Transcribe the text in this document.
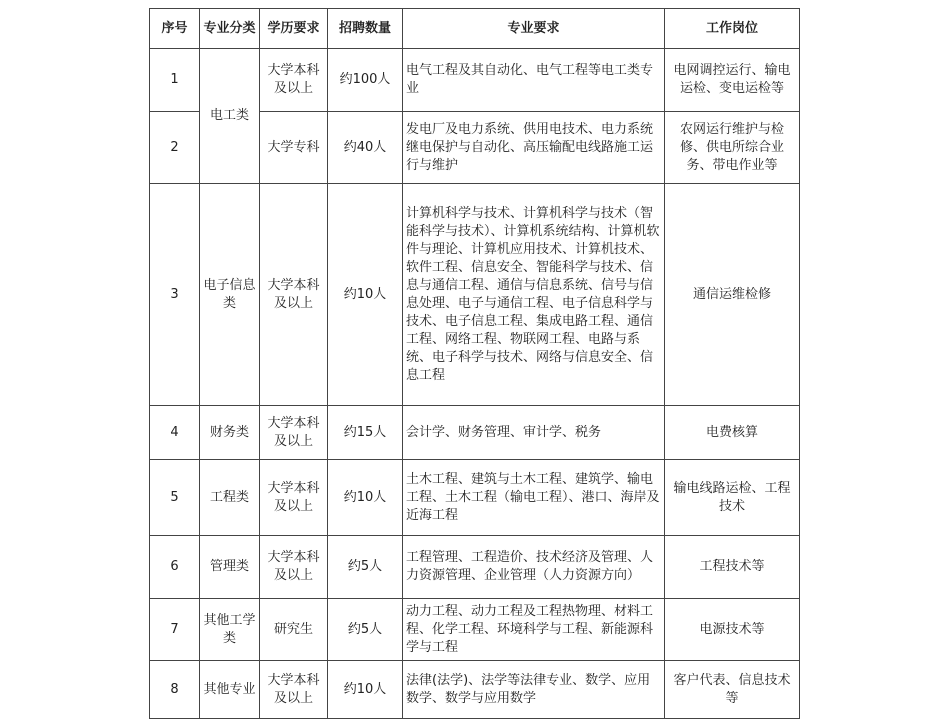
序号	专业分类	学历要求	招聘数量	专业要求	工作岗位
1	电工类	大学本科及以上	约100人	电气工程及其自动化、电气工程等电工类专业	电网调控运行、输电运检、变电运检等
2		大学专科	约40人	发电厂及电力系统、供用电技术、电力系统继电保护与自动化、高压输配电线路施工运行与维护	农网运行维护与检修、供电所综合业务、带电作业等
3	电子信息类	大学本科及以上	约10人	计算机科学与技术、计算机科学与技术（智能科学与技术）、计算机系统结构、计算机软件与理论、计算机应用技术、计算机技术、软件工程、信息安全、智能科学与技术、信息与通信工程、通信与信息系统、信号与信息处理、电子与通信工程、电子信息科学与技术、电子信息工程、集成电路工程、通信工程、网络工程、物联网工程、电路与系统、电子科学与技术、网络与信息安全、信息工程	通信运维检修
4	财务类	大学本科及以上	约15人	会计学、财务管理、审计学、税务	电费核算
5	工程类	大学本科及以上	约10人	土木工程、建筑与土木工程、建筑学、输电工程、土木工程（输电工程）、港口、海岸及近海工程	输电线路运检、工程技术
6	管理类	大学本科及以上	约5人	工程管理、工程造价、技术经济及管理、人力资源管理、企业管理（人力资源方向）	工程技术等
7	其他工学类	研究生	约5人	动力工程、动力工程及工程热物理、材料工程、化学工程、环境科学与工程、新能源科学与工程	电源技术等
8	其他专业	大学本科及以上	约10人	法律(法学)、法学等法律专业、数学、应用数学、数学与应用数学	客户代表、信息技术等
